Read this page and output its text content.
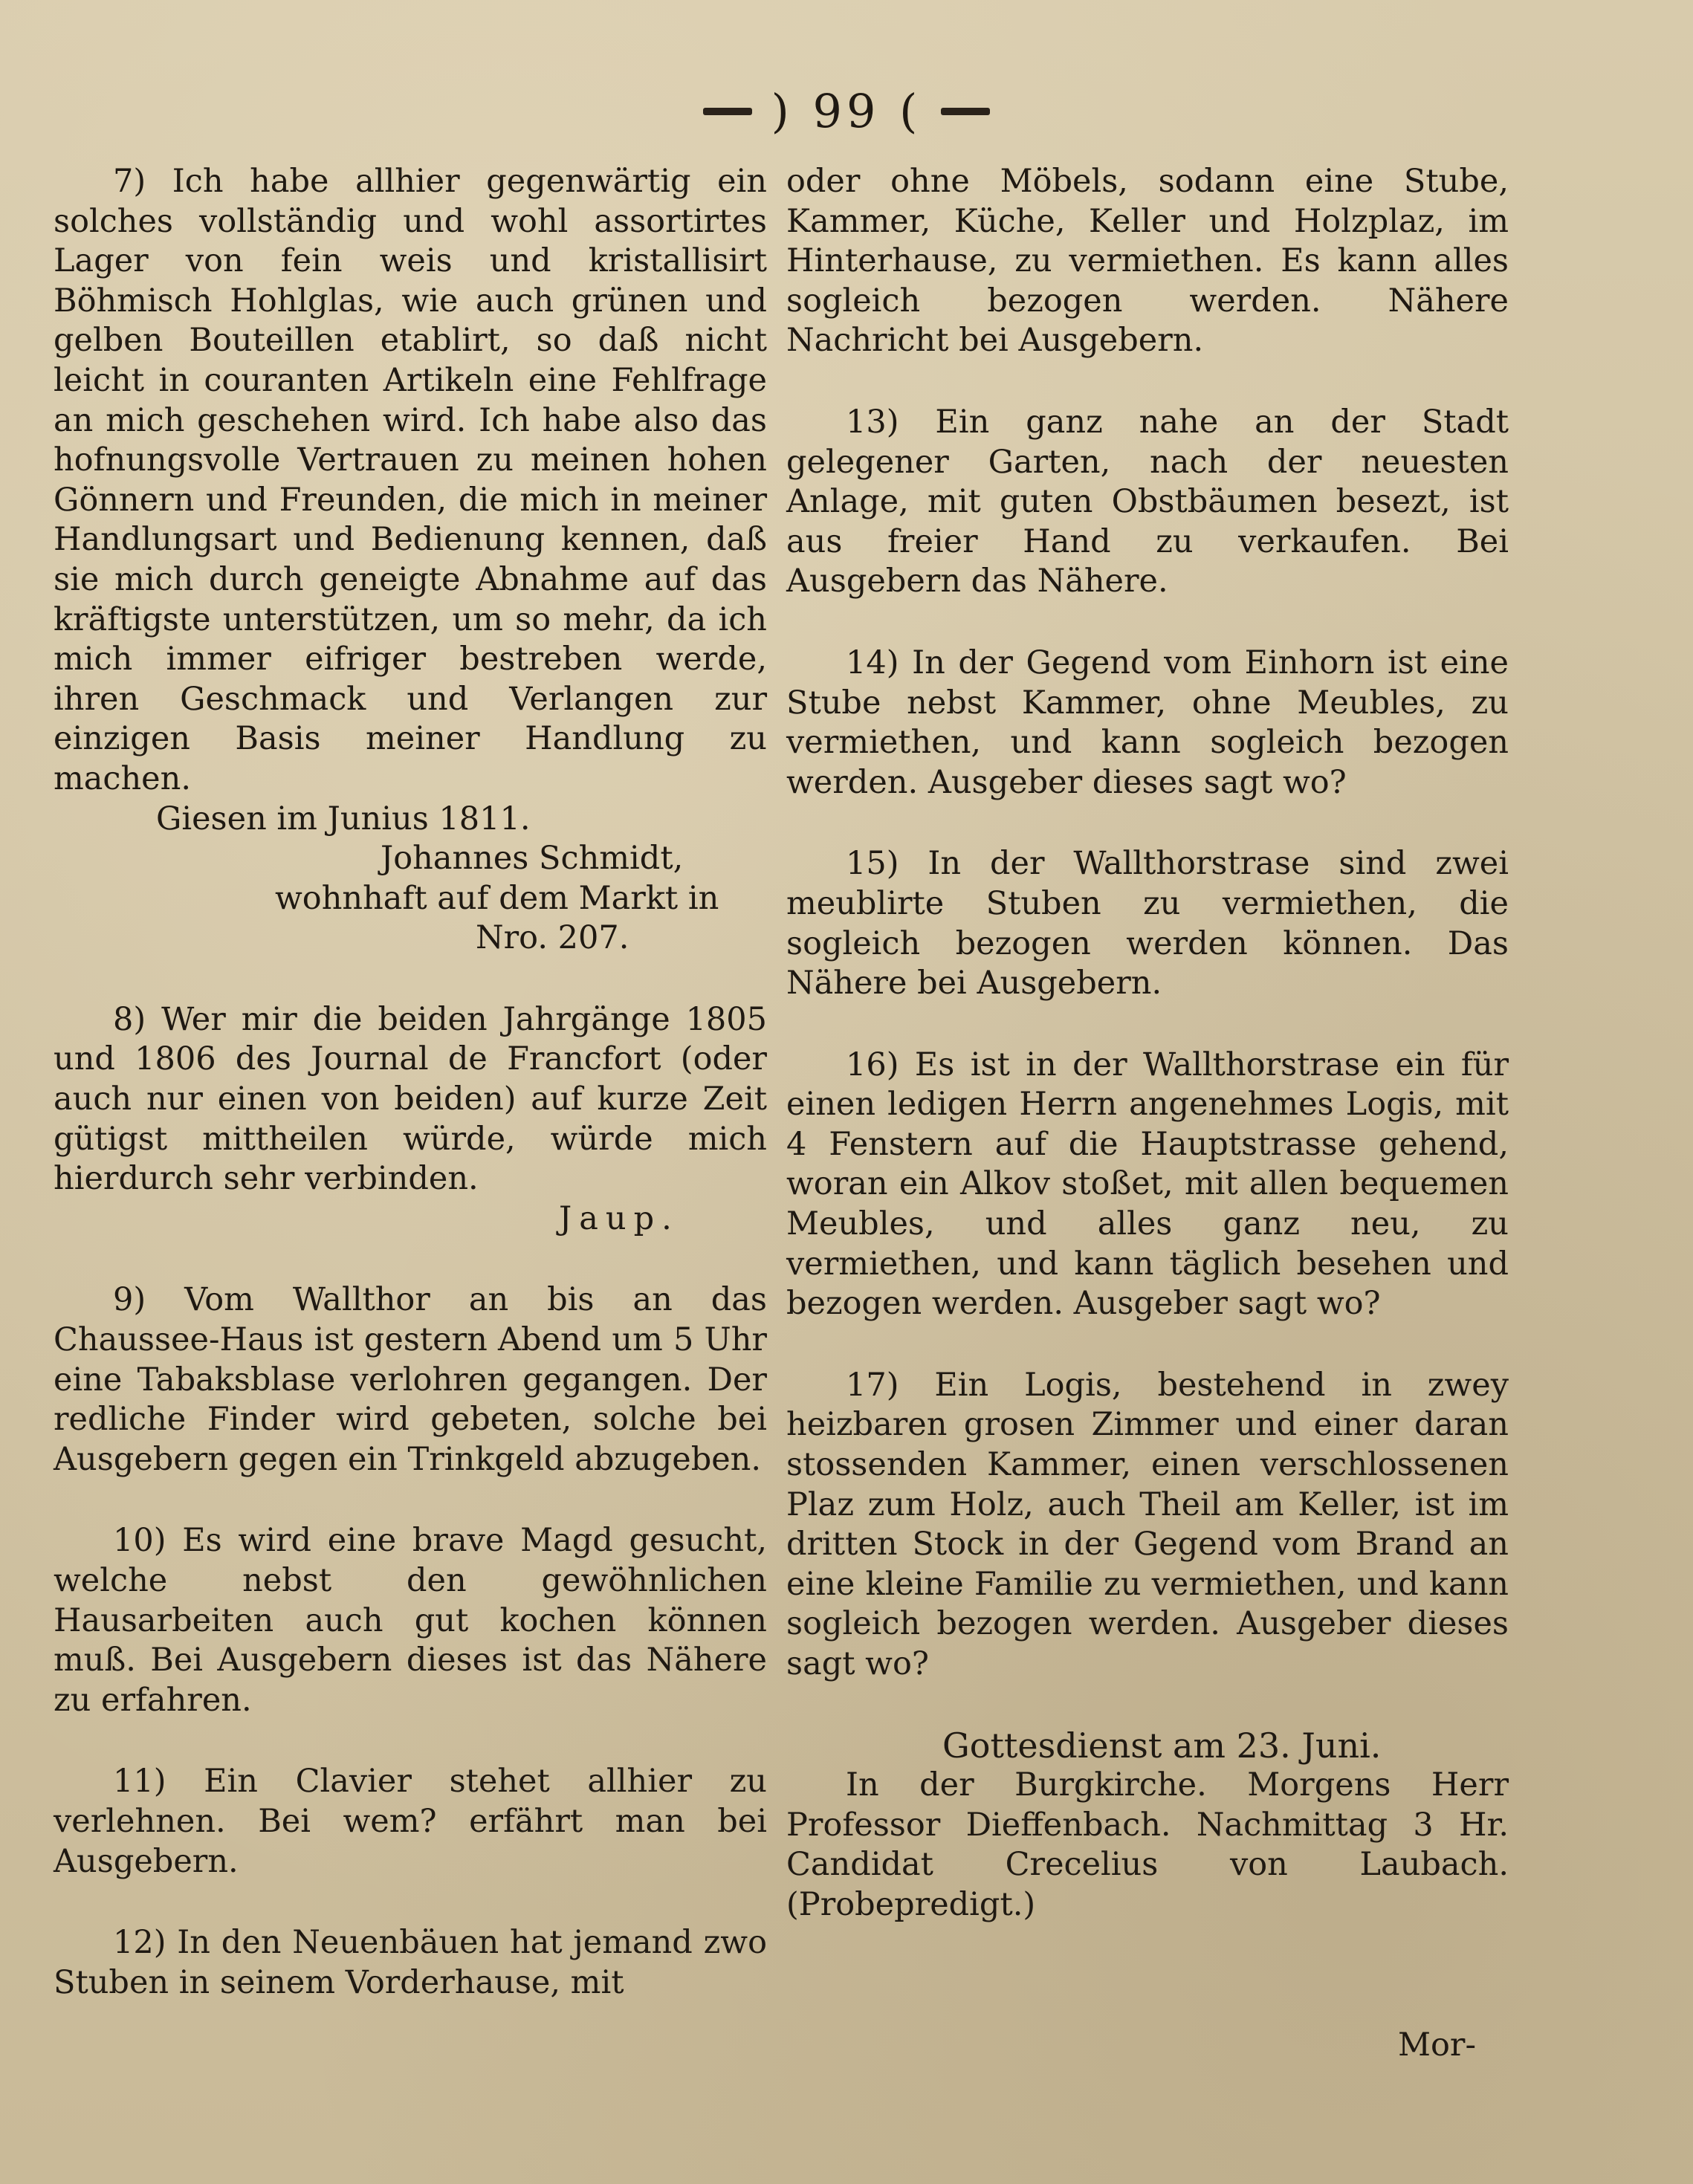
) 99 (

7) Ich habe allhier gegenwärtig ein solches vollständig und wohl assortirtes Lager von fein weis und kristallisirt Böhmisch Hohlglas, wie auch grünen und gelben Bouteillen etablirt, so daß nicht leicht in couranten Artikeln eine Fehlfrage an mich geschehen wird. Ich habe also das hofnungsvolle Vertrauen zu meinen hohen Gönnern und Freunden, die mich in meiner Handlungsart und Bedienung kennen, daß sie mich durch geneigte Abnahme auf das kräftigste unterstützen, um so mehr, da ich mich immer eifriger bestreben werde, ihren Geschmack und Verlangen zur einzigen Basis meiner Handlung zu machen.

Giesen im Junius 1811.

Johannes Schmidt,

wohnhaft auf dem Markt in

Nro. 207.

8) Wer mir die beiden Jahrgänge 1805 und 1806 des Journal de Francfort (oder auch nur einen von beiden) auf kurze Zeit gütigst mittheilen würde, würde mich hierdurch sehr verbinden.

Jaup.

9) Vom Wallthor an bis an das Chaussee-Haus ist gestern Abend um 5 Uhr eine Tabaksblase verlohren gegangen. Der redliche Finder wird gebeten, solche bei Ausgebern gegen ein Trinkgeld abzugeben.

10) Es wird eine brave Magd gesucht, welche nebst den gewöhnlichen Hausarbeiten auch gut kochen können muß. Bei Ausgebern dieses ist das Nähere zu erfahren.

11) Ein Clavier stehet allhier zu verlehnen. Bei wem? erfährt man bei Ausgebern.

12) In den Neuenbäuen hat jemand zwo Stuben in seinem Vorderhause, mit

oder ohne Möbels, sodann eine Stube, Kammer, Küche, Keller und Holzplaz, im Hinterhause, zu vermiethen. Es kann alles sogleich bezogen werden. Nähere Nachricht bei Ausgebern.

13) Ein ganz nahe an der Stadt gelegener Garten, nach der neuesten Anlage, mit guten Obstbäumen besezt, ist aus freier Hand zu verkaufen. Bei Ausgebern das Nähere.

14) In der Gegend vom Einhorn ist eine Stube nebst Kammer, ohne Meubles, zu vermiethen, und kann sogleich bezogen werden. Ausgeber dieses sagt wo?

15) In der Wallthorstrase sind zwei meublirte Stuben zu vermiethen, die sogleich bezogen werden können. Das Nähere bei Ausgebern.

16) Es ist in der Wallthorstrase ein für einen ledigen Herrn angenehmes Logis, mit 4 Fenstern auf die Hauptstrasse gehend, woran ein Alkov stoßet, mit allen bequemen Meubles, und alles ganz neu, zu vermiethen, und kann täglich besehen und bezogen werden. Ausgeber sagt wo?

17) Ein Logis, bestehend in zwey heizbaren grosen Zimmer und einer daran stossenden Kammer, einen verschlossenen Plaz zum Holz, auch Theil am Keller, ist im dritten Stock in der Gegend vom Brand an eine kleine Familie zu vermiethen, und kann sogleich bezogen werden. Ausgeber dieses sagt wo?

Gottesdienst am 23. Juni.

In der Burgkirche. Morgens Herr Professor Dieffenbach. Nachmittag 3 Hr. Candidat Crecelius von Laubach. (Probepredigt.)

Mor-
